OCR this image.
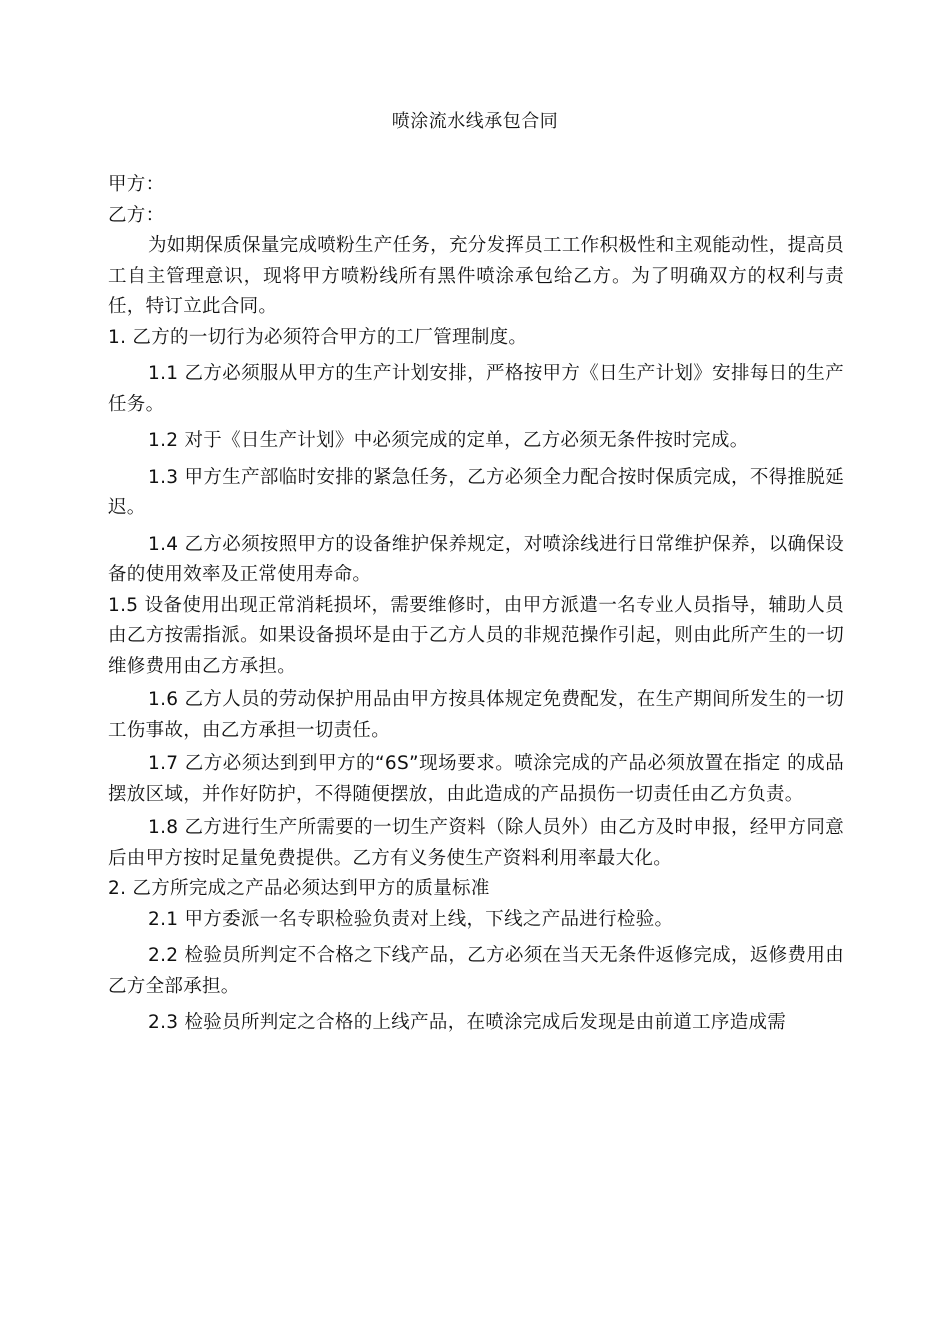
喷涂流水线承包合同

甲方：

乙方：

为如期保质保量完成喷粉生产任务，充分发挥员工工作积极性和主观能动性，提高员工自主管理意识，现将甲方喷粉线所有黑件喷涂承包给乙方。为了明确双方的权利与责任，特订立此合同。

1. 乙方的一切行为必须符合甲方的工厂管理制度。

1.1 乙方必须服从甲方的生产计划安排，严格按甲方《日生产计划》安排每日的生产任务。

1.2 对于《日生产计划》中必须完成的定单，乙方必须无条件按时完成。

1.3 甲方生产部临时安排的紧急任务，乙方必须全力配合按时保质完成，不得推脱延迟。

1.4 乙方必须按照甲方的设备维护保养规定，对喷涂线进行日常维护保养，以确保设备的使用效率及正常使用寿命。

1.5 设备使用出现正常消耗损坏，需要维修时，由甲方派遣一名专业人员指导，辅助人员由乙方按需指派。如果设备损坏是由于乙方人员的非规范操作引起，则由此所产生的一切维修费用由乙方承担。

1.6 乙方人员的劳动保护用品由甲方按具体规定免费配发，在生产期间所发生的一切工伤事故，由乙方承担一切责任。

1.7 乙方必须达到到甲方的“6S”现场要求。喷涂完成的产品必须放置在指定 的成品摆放区域，并作好防护，不得随便摆放，由此造成的产品损伤一切责任由乙方负责。

1.8 乙方进行生产所需要的一切生产资料（除人员外）由乙方及时申报，经甲方同意后由甲方按时足量免费提供。乙方有义务使生产资料利用率最大化。

2. 乙方所完成之产品必须达到甲方的质量标准

2.1 甲方委派一名专职检验负责对上线，下线之产品进行检验。

2.2 检验员所判定不合格之下线产品，乙方必须在当天无条件返修完成，返修费用由乙方全部承担。

2.3 检验员所判定之合格的上线产品，在喷涂完成后发现是由前道工序造成需
